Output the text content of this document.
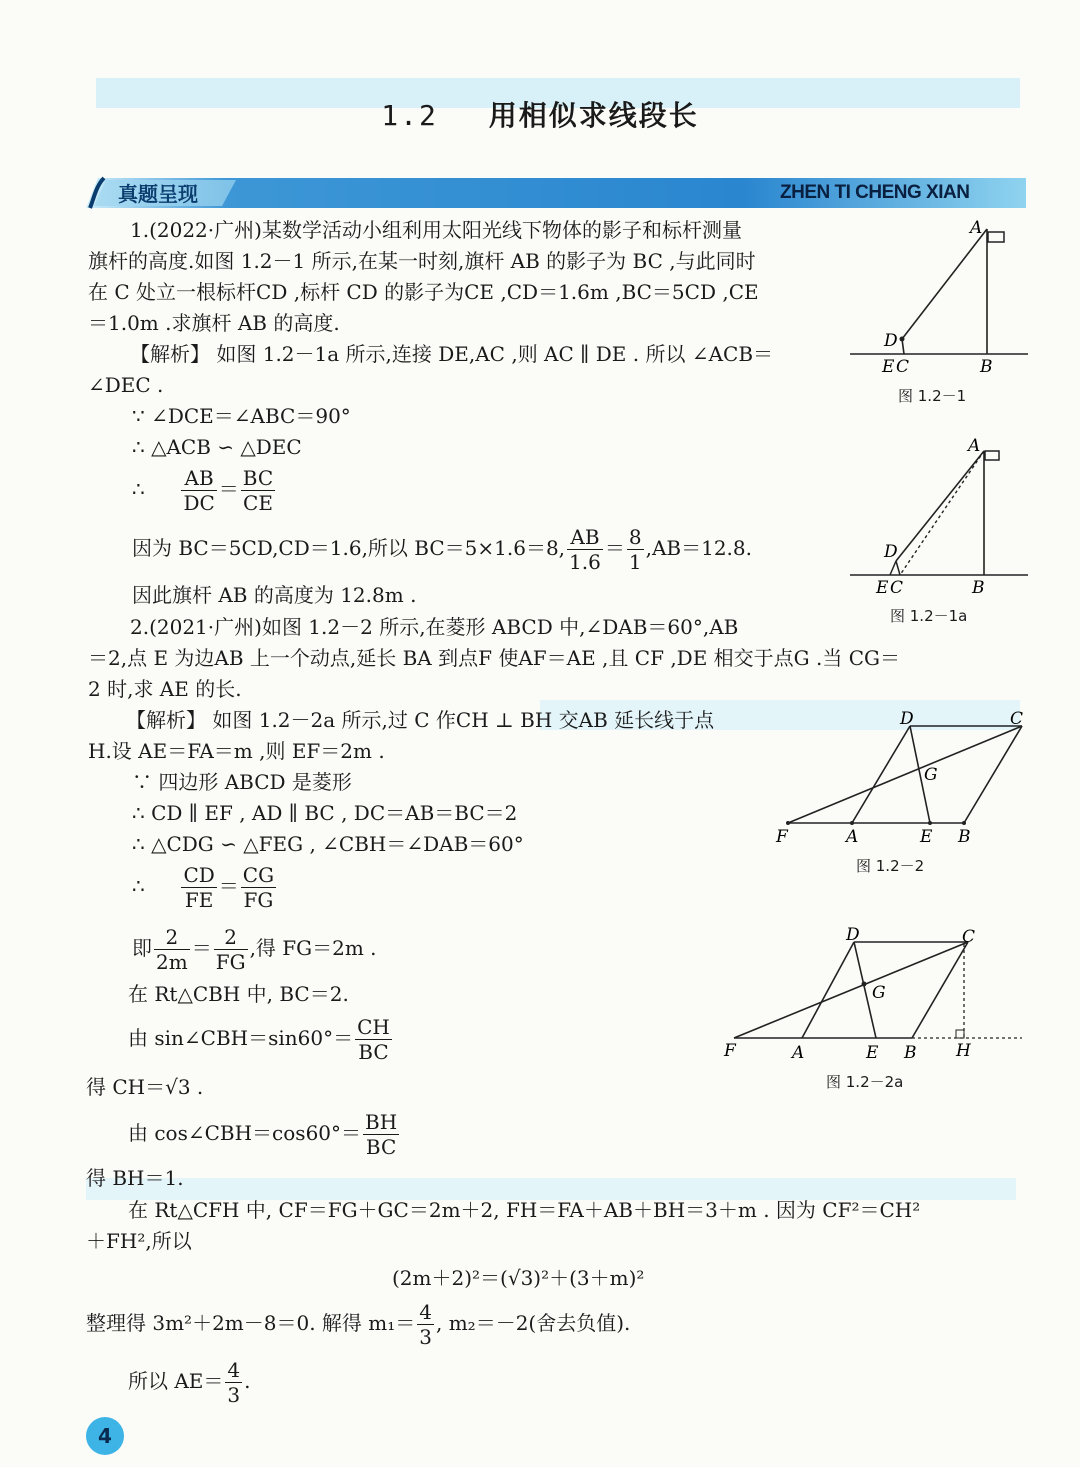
1.2 用相似求线段长
真题呈现	ZHEN TI CHENG XIAN
1.(2022·广州)某数学活动小组利用太阳光线下物体的影子和标杆测量
旗杆的高度.如图 1.2－1 所示,在某一时刻,旗杆 AB 的影子为 BC ,与此同时
在 C 处立一根标杆CD ,标杆 CD 的影子为CE ,CD＝1.6m ,BC＝5CD ,CE
＝1.0m .求旗杆 AB 的高度.
【解析】 如图 1.2－1a 所示,连接 DE,AC ,则 AC ∥ DE . 所以 ∠ACB＝
∠DEC .
∵ ∠DCE＝∠ABC＝90°
∴ △ACB ∽ △DEC
∴ $\frac{AB}{DC} = \frac{BC}{CE}$
因为 BC＝5CD,CD＝1.6,所以 BC＝5×1.6＝8, $\frac{AB}{1.6} = \frac{8}{1} ,AB=12.8$.
因此旗杆 AB 的高度为 12.8m .
2.(2021·广州)如图 1.2－2 所示,在菱形 ABCD 中,∠DAB＝60°,AB
＝2,点 E 为边AB 上一个动点,延长 BA 到点F 使AF＝AE ,且 CF ,DE 相交于点G .当 CG＝
2 时,求 AE 的长.
【解析】 如图 1.2－2a 所示,过 C 作CH ⊥ BH 交AB 延长线于点
H.设 AE＝FA＝m ,则 EF＝2m .
∵ 四边形 ABCD 是菱形
∴ CD ∥ EF , AD ∥ BC , DC＝AB＝BC＝2
∴ △CDG ∽ △FEG , ∠CBH＝∠DAB＝60°
∴ $\frac{CD}{FE} = \frac{CG}{FG}$
即 $\frac{2}{2m} = \frac{2}{FG}$ ,得 FG＝2m .
在 Rt△CBH 中, BC＝2.
由 sin∠CBH＝sin60°＝ $\frac{CH}{BC}$
得 CH＝√3 .
由 cos∠CBH＝cos60°＝ $\frac{BH}{BC}$
得 BH＝1.
在 Rt△CFH 中, CF＝FG＋GC＝2m＋2, FH＝FA＋AB＋BH＝3＋m . 因为 CF²＝CH²
＋FH²,所以
(2m＋2)²＝(√3)²＋(3＋m)²
整理得 3m²＋2m－8＝0. 解得 $m_1= \frac{4}{3}$ , m₂＝－2(舍去负值).
所以 $AE= \frac{4}{3}$ .
A
D
E C	B
图 1.2－1
A
D
E C	B
图 1.2－1a
D	C
G
F	A	E B
图 1.2－2
D	C
G
F	A	E B H
图 1.2－2a
4
